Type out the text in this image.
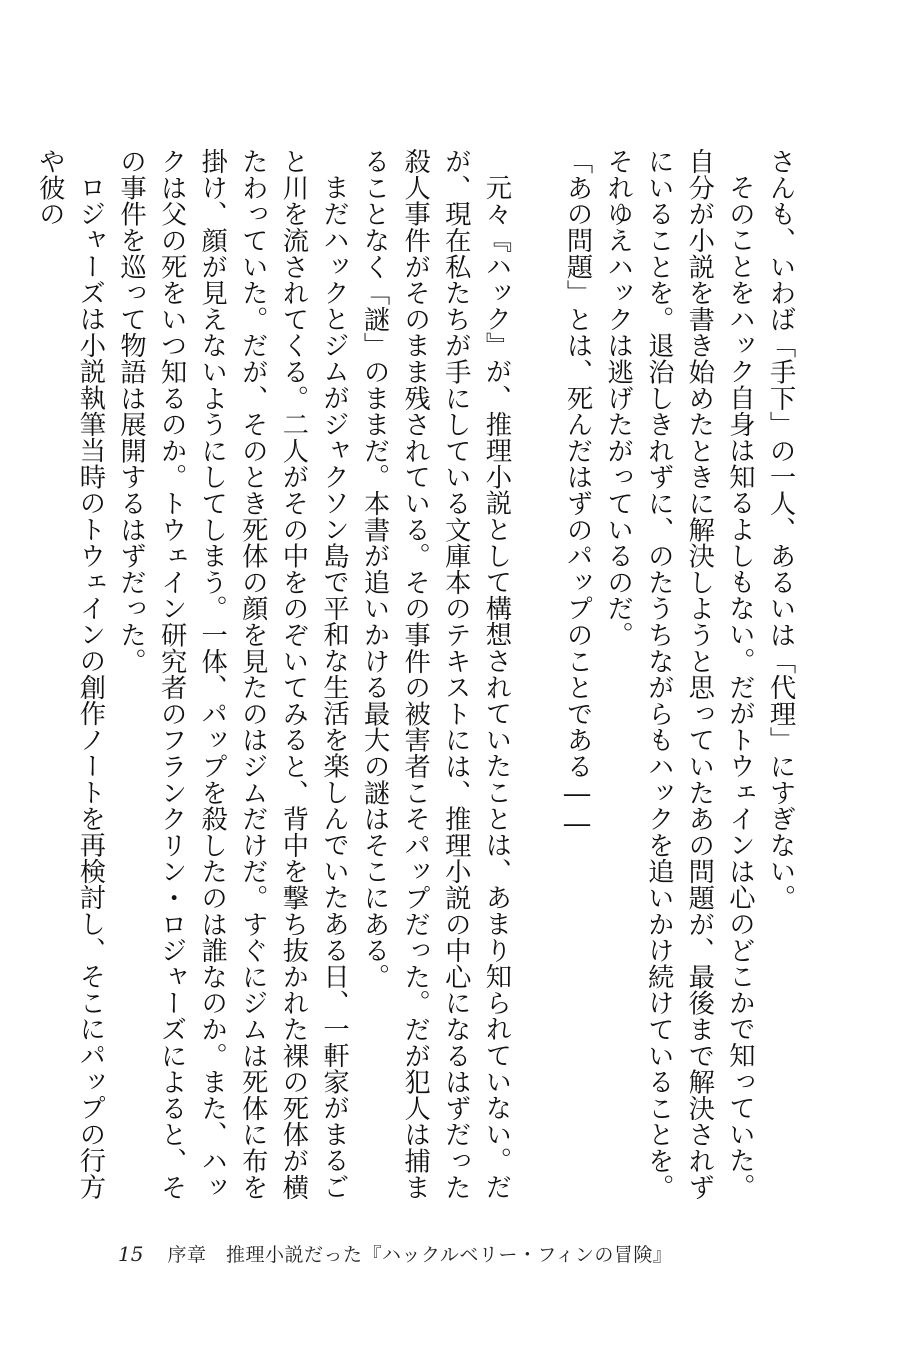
さんも、いわば「手下」の一人、あるいは「代理」にすぎない。

そのことをハック自身は知るよしもない。だがトウェインは心のどこかで知っていた。自分が小説を書き始めたときに解決しようと思っていたあの問題が、最後まで解決されずにいることを。退治しきれずに、のたうちながらもハックを追いかけ続けていることを。それゆえハックは逃げたがっているのだ。

「あの問題」とは、死んだはずのパップのことである――

元々『ハック』が、推理小説として構想されていたことは、あまり知られていない。だが、現在私たちが手にしている文庫本のテキストには、推理小説の中心になるはずだった殺人事件がそのまま残されている。その事件の被害者こそパップだった。だが犯人は捕まることなく「謎」のままだ。本書が追いかける最大の謎はそこにある。

まだハックとジムがジャクソン島で平和な生活を楽しんでいたある日、一軒家がまるごと川を流されてくる。二人がその中をのぞいてみると、背中を撃ち抜かれた裸の死体が横たわっていた。だが、そのとき死体の顔を見たのはジムだけだ。すぐにジムは死体に布を掛け、顔が見えないようにしてしまう。一体、パップを殺したのは誰なのか。また、ハックは父の死をいつ知るのか。トウェイン研究者のフランクリン・ロジャーズによると、その事件を巡って物語は展開するはずだった。

ロジャーズは小説執筆当時のトウェインの創作ノートを再検討し、そこにパップの行方や彼の

15 序章　推理小説だった『ハックルベリー・フィンの冒険』
